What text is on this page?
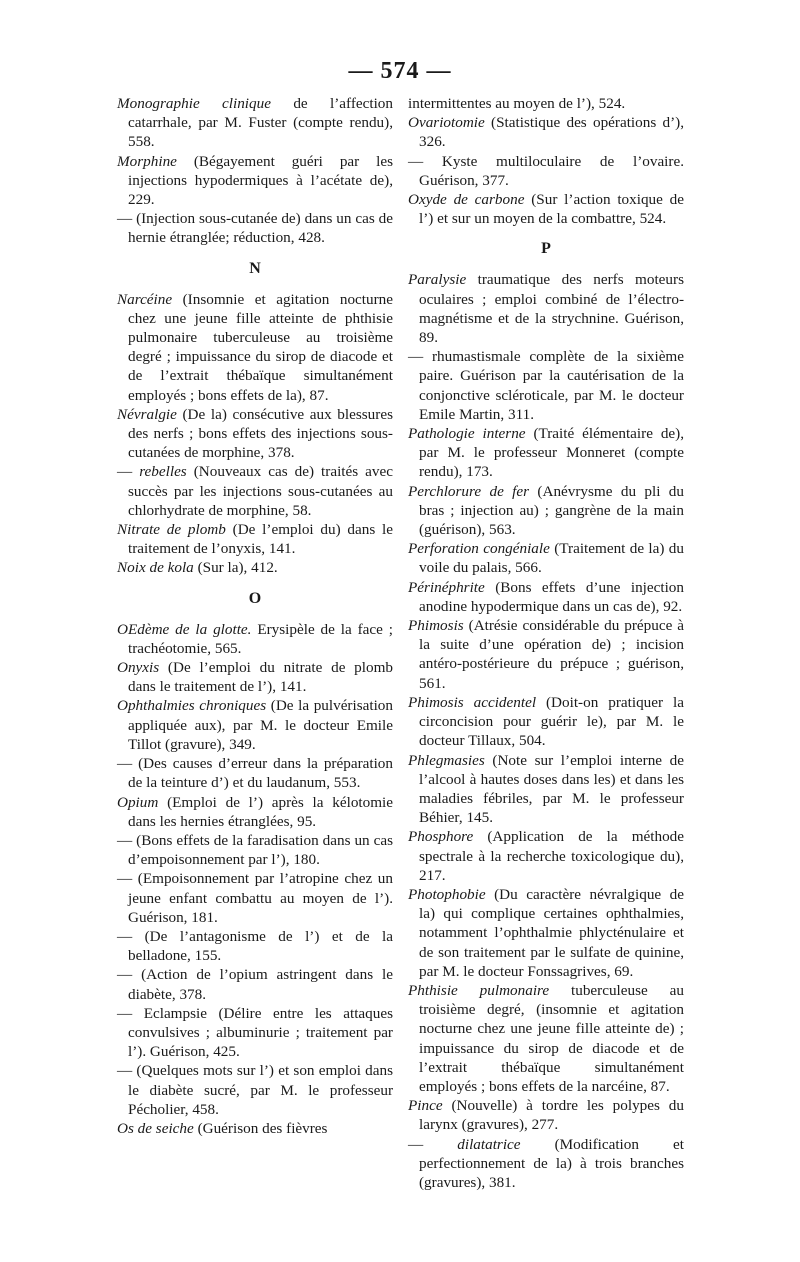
— 574 —
Monographie clinique de l’affection catarrhale, par M. Fuster (compte rendu), 558.
Morphine (Bégayement guéri par les injections hypodermiques à l’acétate de), 229.
— (Injection sous-cutanée de) dans un cas de hernie étranglée; réduction, 428.
N
Narcéine (Insomnie et agitation nocturne chez une jeune fille atteinte de phthisie pulmonaire tuberculeuse au troisième degré ; impuissance du sirop de diacode et de l’extrait thébaïque simultanément employés ; bons effets de la), 87.
Névralgie (De la) consécutive aux blessures des nerfs ; bons effets des injections sous-cutanées de morphine, 378.
— rebelles (Nouveaux cas de) traités avec succès par les injections sous-cutanées au chlorhydrate de morphine, 58.
Nitrate de plomb (De l’emploi du) dans le traitement de l’onyxis, 141.
Noix de kola (Sur la), 412.
O
OEdème de la glotte. Erysipèle de la face ; trachéotomie, 565.
Onyxis (De l’emploi du nitrate de plomb dans le traitement de l’), 141.
Ophthalmies chroniques (De la pulvérisation appliquée aux), par M. le docteur Emile Tillot (gravure), 349.
— (Des causes d’erreur dans la préparation de la teinture d’) et du laudanum, 553.
Opium (Emploi de l’) après la kélotomie dans les hernies étranglées, 95.
— (Bons effets de la faradisation dans un cas d’empoisonnement par l’), 180.
— (Empoisonnement par l’atropine chez un jeune enfant combattu au moyen de l’). Guérison, 181.
— (De l’antagonisme de l’) et de la belladone, 155.
— (Action de l’opium astringent dans le diabète, 378.
— Eclampsie (Délire entre les attaques convulsives ; albuminurie ; traitement par l’). Guérison, 425.
— (Quelques mots sur l’) et son emploi dans le diabète sucré, par M. le professeur Pécholier, 458.
Os de seiche (Guérison des fièvres
intermittentes au moyen de l’), 524.
Ovariotomie (Statistique des opérations d’), 326.
— Kyste multiloculaire de l’ovaire. Guérison, 377.
Oxyde de carbone (Sur l’action toxique de l’) et sur un moyen de la combattre, 524.
P
Paralysie traumatique des nerfs moteurs oculaires ; emploi combiné de l’électro-magnétisme et de la strychnine. Guérison, 89.
— rhumastismale complète de la sixième paire. Guérison par la cautérisation de la conjonctive scléroticale, par M. le docteur Emile Martin, 311.
Pathologie interne (Traité élémentaire de), par M. le professeur Monneret (compte rendu), 173.
Perchlorure de fer (Anévrysme du pli du bras ; injection au) ; gangrène de la main (guérison), 563.
Perforation congéniale (Traitement de la) du voile du palais, 566.
Périnéphrite (Bons effets d’une injection anodine hypodermique dans un cas de), 92.
Phimosis (Atrésie considérable du prépuce à la suite d’une opération de) ; incision antéro-postérieure du prépuce ; guérison, 561.
Phimosis accidentel (Doit-on pratiquer la circoncision pour guérir le), par M. le docteur Tillaux, 504.
Phlegmasies (Note sur l’emploi interne de l’alcool à hautes doses dans les) et dans les maladies fébriles, par M. le professeur Béhier, 145.
Phosphore (Application de la méthode spectrale à la recherche toxicologique du), 217.
Photophobie (Du caractère névralgique de la) qui complique certaines ophthalmies, notamment l’ophthalmie phlycténulaire et de son traitement par le sulfate de quinine, par M. le docteur Fonssagrives, 69.
Phthisie pulmonaire tuberculeuse au troisième degré, (insomnie et agitation nocturne chez une jeune fille atteinte de) ; impuissance du sirop de diacode et de l’extrait thébaïque simultanément employés ; bons effets de la narcéine, 87.
Pince (Nouvelle) à tordre les polypes du larynx (gravures), 277.
— dilatatrice (Modification et perfectionnement de la) à trois branches (gravures), 381.
